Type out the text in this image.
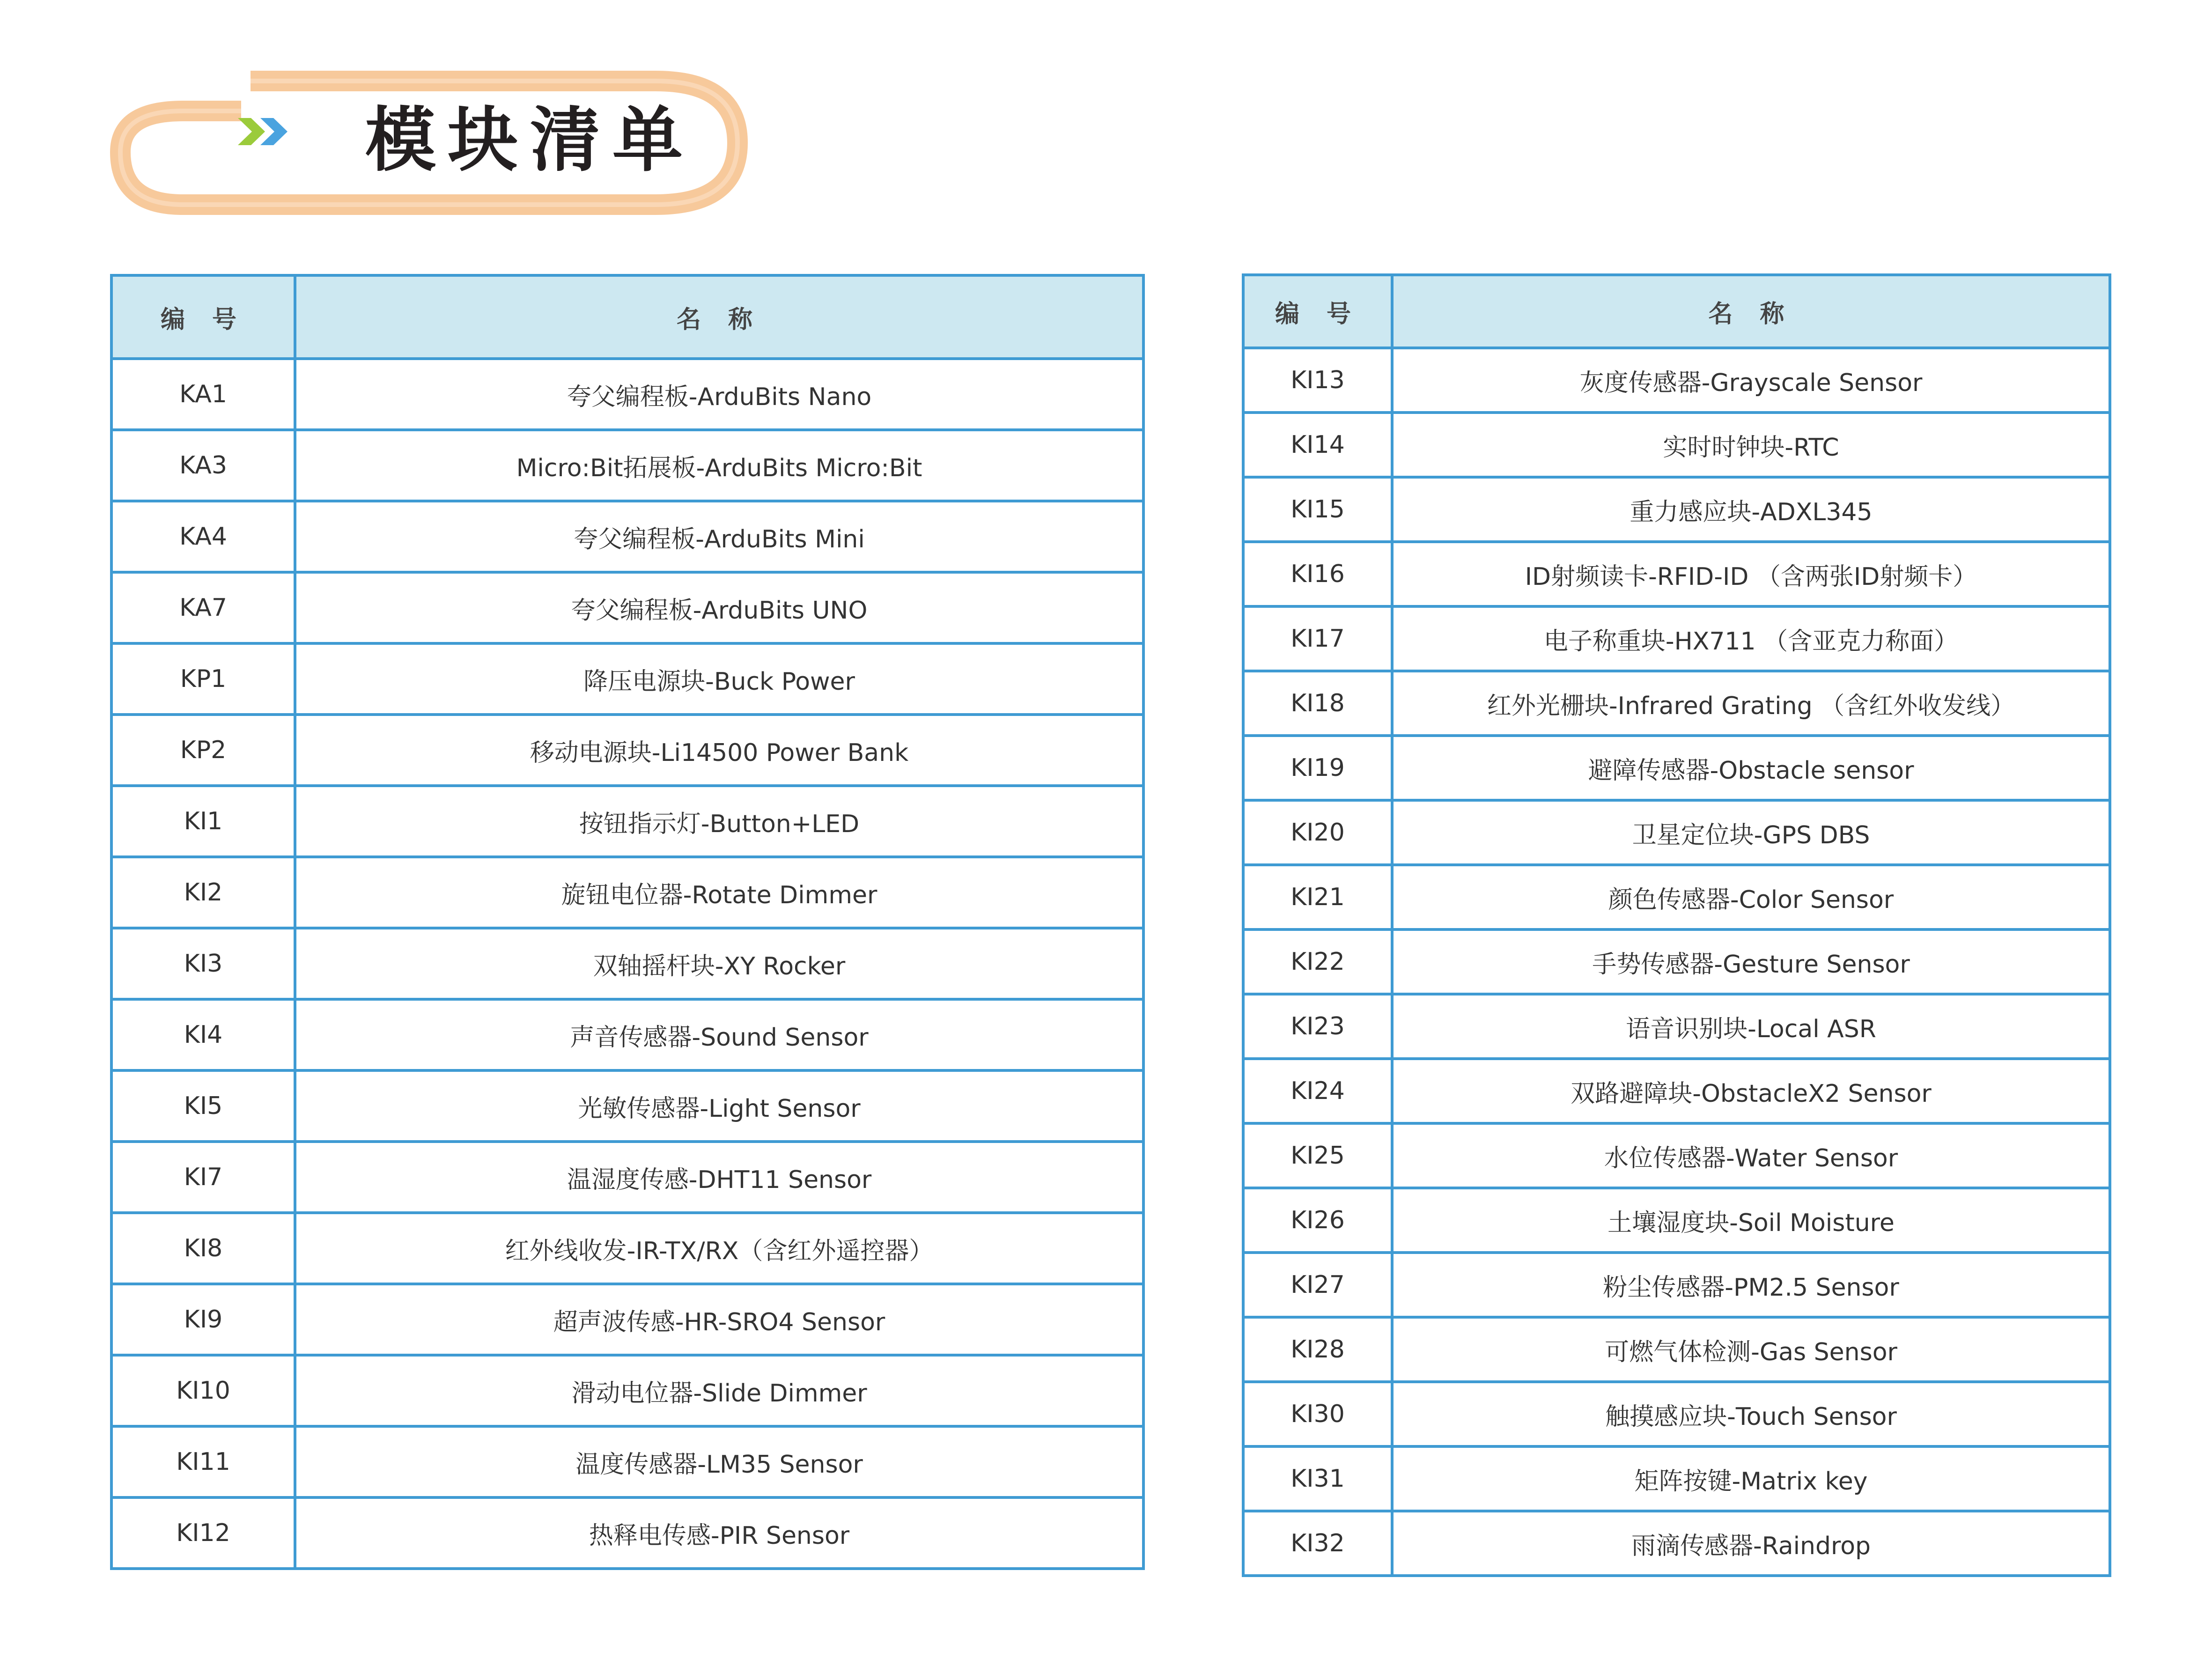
模块清单
编 号	名 称
KA1	夸父编程板-ArduBits Nano
KA3	Micro:Bit拓展板-ArduBits Micro:Bit
KA4	夸父编程板-ArduBits Mini
KA7	夸父编程板-ArduBits UNO
KP1	降压电源块-Buck Power
KP2	移动电源块-Li14500 Power Bank
KI1	按钮指示灯-Button+LED
KI2	旋钮电位器-Rotate Dimmer
KI3	双轴摇杆块-XY Rocker
KI4	声音传感器-Sound Sensor
KI5	光敏传感器-Light Sensor
KI7	温湿度传感-DHT11 Sensor
KI8	红外线收发-IR-TX/RX（含红外遥控器）
KI9	超声波传感-HR-SRO4 Sensor
KI10	滑动电位器-Slide Dimmer
KI11	温度传感器-LM35 Sensor
KI12	热释电传感-PIR Sensor
编 号	名 称
KI13	灰度传感器-Grayscale Sensor
KI14	实时时钟块-RTC
KI15	重力感应块-ADXL345
KI16	ID射频读卡-RFID-ID （含两张ID射频卡）
KI17	电子称重块-HX711 （含亚克力称面）
KI18	红外光栅块-Infrared Grating （含红外收发线）
KI19	避障传感器-Obstacle sensor
KI20	卫星定位块-GPS DBS
KI21	颜色传感器-Color Sensor
KI22	手势传感器-Gesture Sensor
KI23	语音识别块-Local ASR
KI24	双路避障块-ObstacleX2 Sensor
KI25	水位传感器-Water Sensor
KI26	土壤湿度块-Soil Moisture
KI27	粉尘传感器-PM2.5 Sensor
KI28	可燃气体检测-Gas Sensor
KI30	触摸感应块-Touch Sensor
KI31	矩阵按键-Matrix key
KI32	雨滴传感器-Raindrop
